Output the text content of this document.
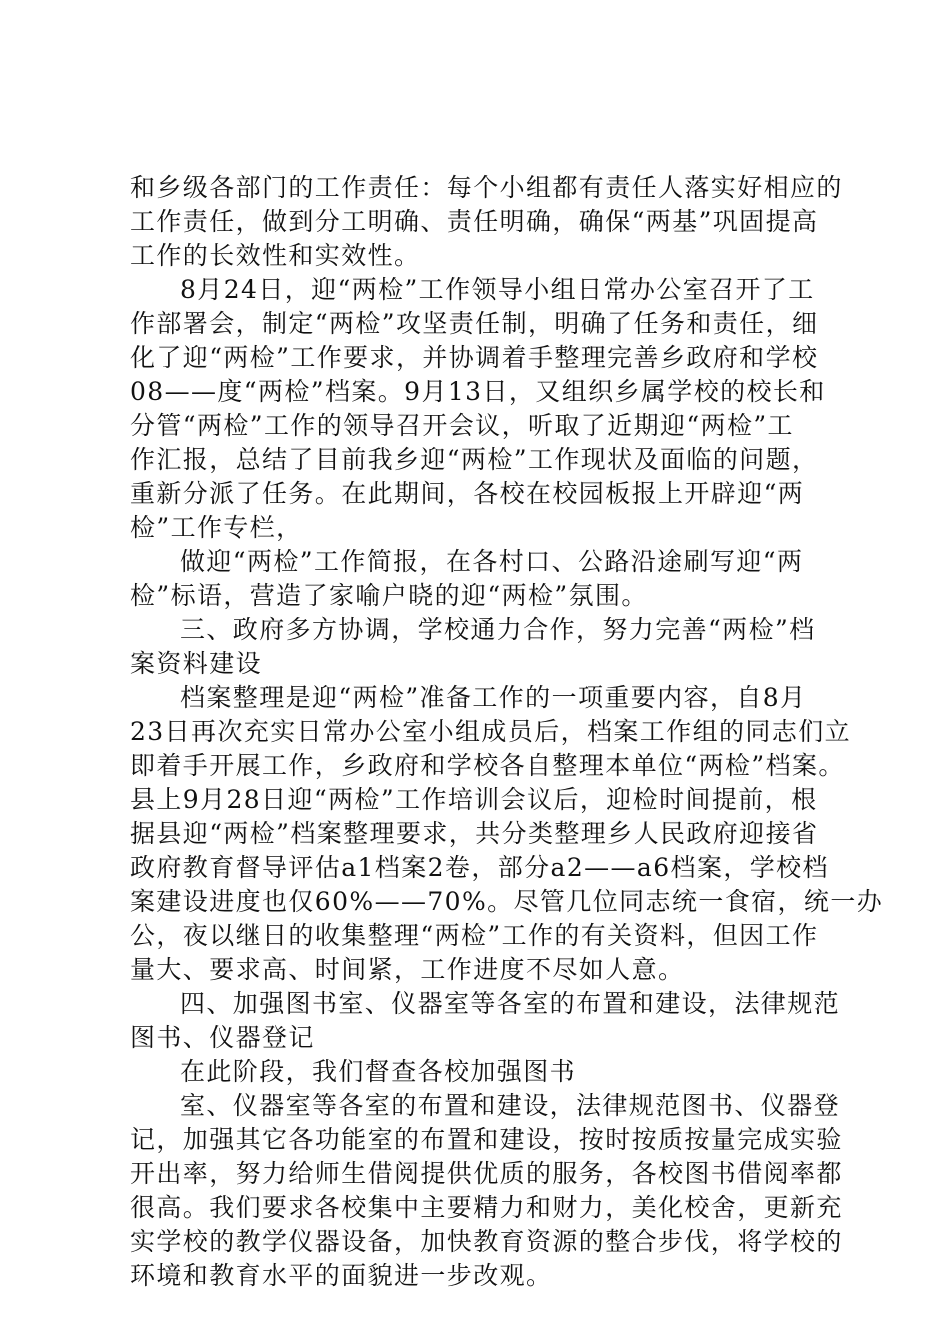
和乡级各部门的工作责任：每个小组都有责任人落实好相应的
工作责任，做到分工明确、责任明确，确保“两基”巩固提高
工作的长效性和实效性。
8月24日，迎“两检”工作领导小组日常办公室召开了工
作部署会，制定“两检”攻坚责任制，明确了任务和责任，细
化了迎“两检”工作要求，并协调着手整理完善乡政府和学校
08——度“两检”档案。9月13日，又组织乡属学校的校长和
分管“两检”工作的领导召开会议，听取了近期迎“两检”工
作汇报，总结了目前我乡迎“两检”工作现状及面临的问题，
重新分派了任务。在此期间，各校在校园板报上开辟迎“两
检”工作专栏，
做迎“两检”工作简报，在各村口、公路沿途刷写迎“两
检”标语，营造了家喻户晓的迎“两检”氛围。
三、政府多方协调，学校通力合作，努力完善“两检”档
案资料建设
档案整理是迎“两检”准备工作的一项重要内容，自8月
23日再次充实日常办公室小组成员后，档案工作组的同志们立
即着手开展工作，乡政府和学校各自整理本单位“两检”档案。
县上9月28日迎“两检”工作培训会议后，迎检时间提前，根
据县迎“两检”档案整理要求，共分类整理乡人民政府迎接省
政府教育督导评估a1档案2卷，部分a2——a6档案，学校档
案建设进度也仅60%——70%。尽管几位同志统一食宿，统一办
公，夜以继日的收集整理“两检”工作的有关资料，但因工作
量大、要求高、时间紧，工作进度不尽如人意。
四、加强图书室、仪器室等各室的布置和建设，法律规范
图书、仪器登记
在此阶段，我们督查各校加强图书
室、仪器室等各室的布置和建设，法律规范图书、仪器登
记，加强其它各功能室的布置和建设，按时按质按量完成实验
开出率，努力给师生借阅提供优质的服务，各校图书借阅率都
很高。我们要求各校集中主要精力和财力，美化校舍，更新充
实学校的教学仪器设备，加快教育资源的整合步伐，将学校的
环境和教育水平的面貌进一步改观。
